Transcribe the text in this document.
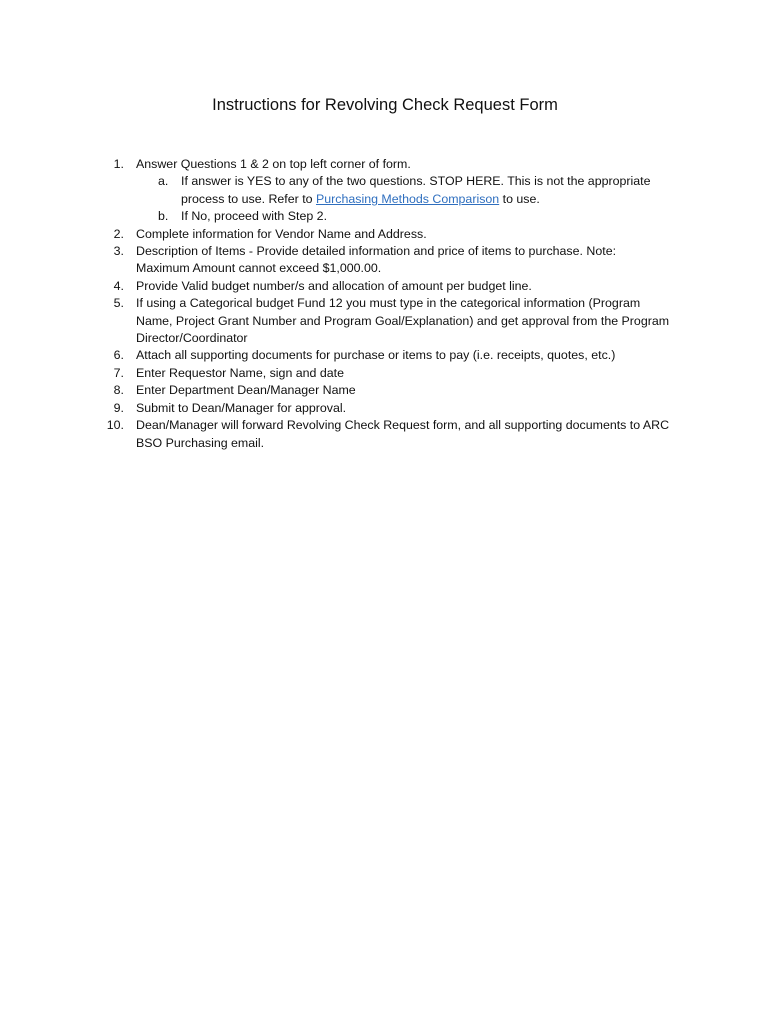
Instructions for Revolving Check Request Form
1. Answer Questions 1 & 2 on top left corner of form.
a. If answer is YES to any of the two questions. STOP HERE. This is not the appropriate process to use. Refer to Purchasing Methods Comparison to use.
b. If No, proceed with Step 2.
2. Complete information for Vendor Name and Address.
3. Description of Items - Provide detailed information and price of items to purchase. Note: Maximum Amount cannot exceed $1,000.00.
4. Provide Valid budget number/s and allocation of amount per budget line.
5. If using a Categorical budget Fund 12 you must type in the categorical information (Program Name, Project Grant Number and Program Goal/Explanation) and get approval from the Program Director/Coordinator
6. Attach all supporting documents for purchase or items to pay (i.e. receipts, quotes, etc.)
7. Enter Requestor Name, sign and date
8. Enter Department Dean/Manager Name
9. Submit to Dean/Manager for approval.
10. Dean/Manager will forward Revolving Check Request form, and all supporting documents to ARC BSO Purchasing email.
